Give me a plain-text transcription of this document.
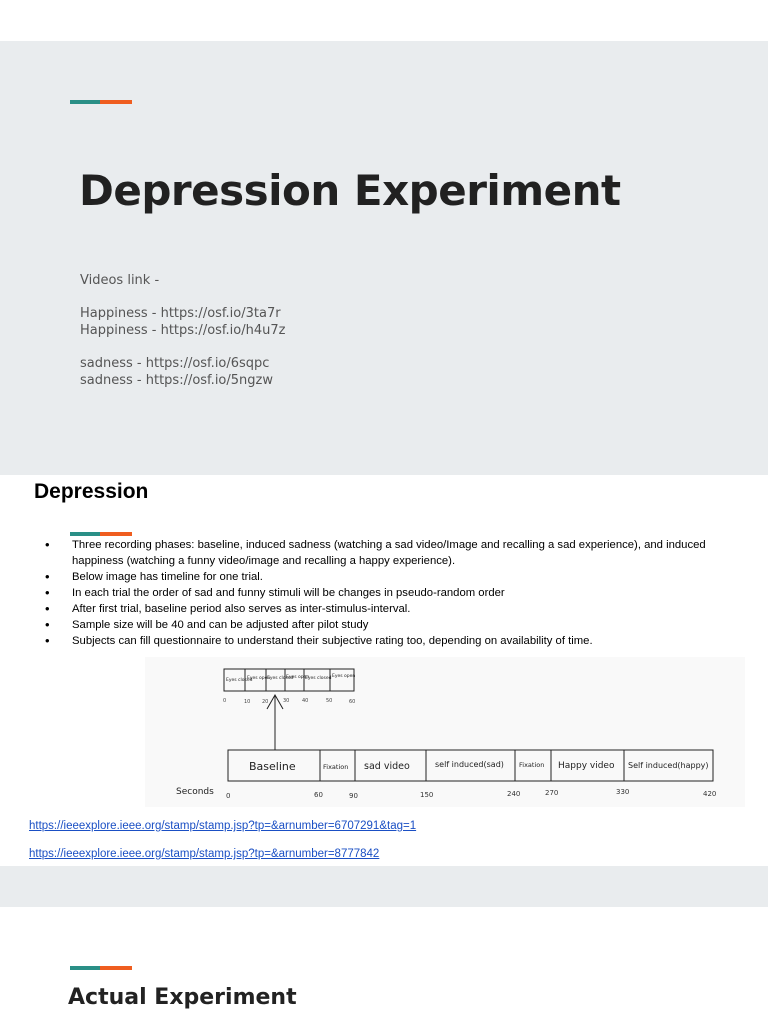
Depression Experiment
Videos link -
Happiness - https://osf.io/3ta7r
Happiness - https://osf.io/h4u7z
sadness - https://osf.io/6sqpc
sadness - https://osf.io/5ngzw
Depression
• Three recording phases: baseline, induced sadness (watching a sad video/Image and recalling a sad experience), and induced happiness (watching a funny video/image and recalling a happy experience).
• Below image has timeline for one trial.
• In each trial the order of sad and funny stimuli will be changes in pseudo-random order
• After first trial, baseline period also serves as inter-stimulus-interval.
• Sample size will be 40 and can be adjusted after pilot study
• Subjects can fill questionnaire to understand their subjective rating too, depending on availability of time.
Eyes closed
Eyes open
Eyes closed
Eyes open
Eyes closed Eyes open
0	10 20	30	40	50	60
Baseline	Fixation sad video	self induced(sad) Fixation Happy video Self induced(happy)
Seconds 0	60	90	150	240	270	330	420
https://ieeexplore.ieee.org/stamp/stamp.jsp?tp=&arnumber=6707291&tag=1
https://ieeexplore.ieee.org/stamp/stamp.jsp?tp=&arnumber=8777842
Actual Experiment
